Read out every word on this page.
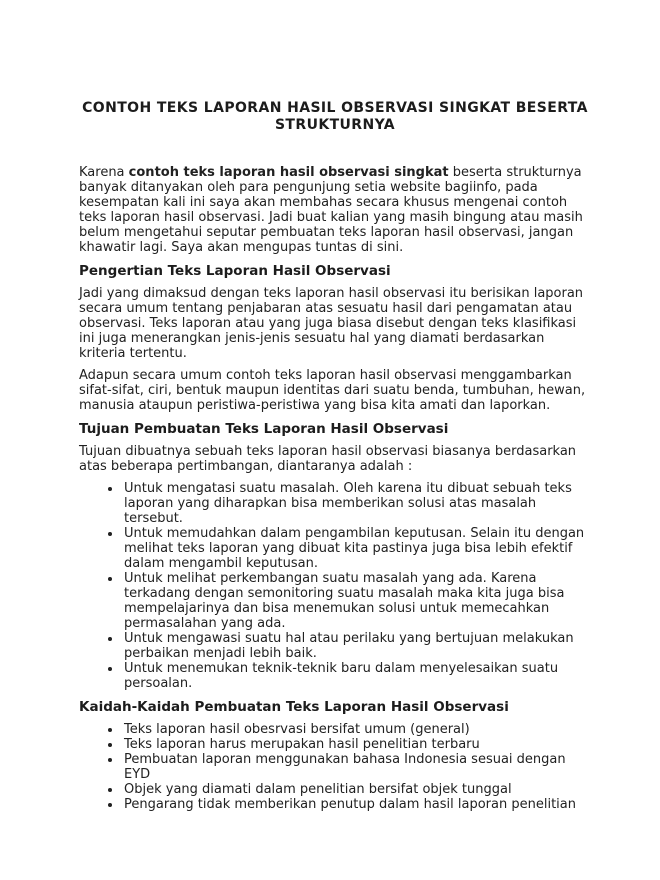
CONTOH TEKS LAPORAN HASIL OBSERVASI SINGKAT BESERTA STRUKTURNYA

Karena contoh teks laporan hasil observasi singkat beserta strukturnya banyak ditanyakan oleh para pengunjung setia website bagiinfo, pada kesempatan kali ini saya akan membahas secara khusus mengenai contoh teks laporan hasil observasi. Jadi buat kalian yang masih bingung atau masih belum mengetahui seputar pembuatan teks laporan hasil observasi, jangan khawatir lagi. Saya akan mengupas tuntas di sini.

Pengertian Teks Laporan Hasil Observasi

Jadi yang dimaksud dengan teks laporan hasil observasi itu berisikan laporan secara umum tentang penjabaran atas sesuatu hasil dari pengamatan atau observasi. Teks laporan atau yang juga biasa disebut dengan teks klasifikasi ini juga menerangkan jenis-jenis sesuatu hal yang diamati berdasarkan kriteria tertentu.

Adapun secara umum contoh teks laporan hasil observasi menggambarkan sifat-sifat, ciri, bentuk maupun identitas dari suatu benda, tumbuhan, hewan, manusia ataupun peristiwa-peristiwa yang bisa kita amati dan laporkan.

Tujuan Pembuatan Teks Laporan Hasil Observasi

Tujuan dibuatnya sebuah teks laporan hasil observasi biasanya berdasarkan atas beberapa pertimbangan, diantaranya adalah :

• Untuk mengatasi suatu masalah. Oleh karena itu dibuat sebuah teks laporan yang diharapkan bisa memberikan solusi atas masalah tersebut.
• Untuk memudahkan dalam pengambilan keputusan. Selain itu dengan melihat teks laporan yang dibuat kita pastinya juga bisa lebih efektif dalam mengambil keputusan.
• Untuk melihat perkembangan suatu masalah yang ada. Karena terkadang dengan semonitoring suatu masalah maka kita juga bisa mempelajarinya dan bisa menemukan solusi untuk memecahkan permasalahan yang ada.
• Untuk mengawasi suatu hal atau perilaku yang bertujuan melakukan perbaikan menjadi lebih baik.
• Untuk menemukan teknik-teknik baru dalam menyelesaikan suatu persoalan.
Kaidah-Kaidah Pembuatan Teks Laporan Hasil Observasi
• Teks laporan hasil obesrvasi bersifat umum (general)
• Teks laporan harus merupakan hasil penelitian terbaru
• Pembuatan laporan menggunakan bahasa Indonesia sesuai dengan EYD
• Objek yang diamati dalam penelitian bersifat objek tunggal
• Pengarang tidak memberikan penutup dalam hasil laporan penelitian
